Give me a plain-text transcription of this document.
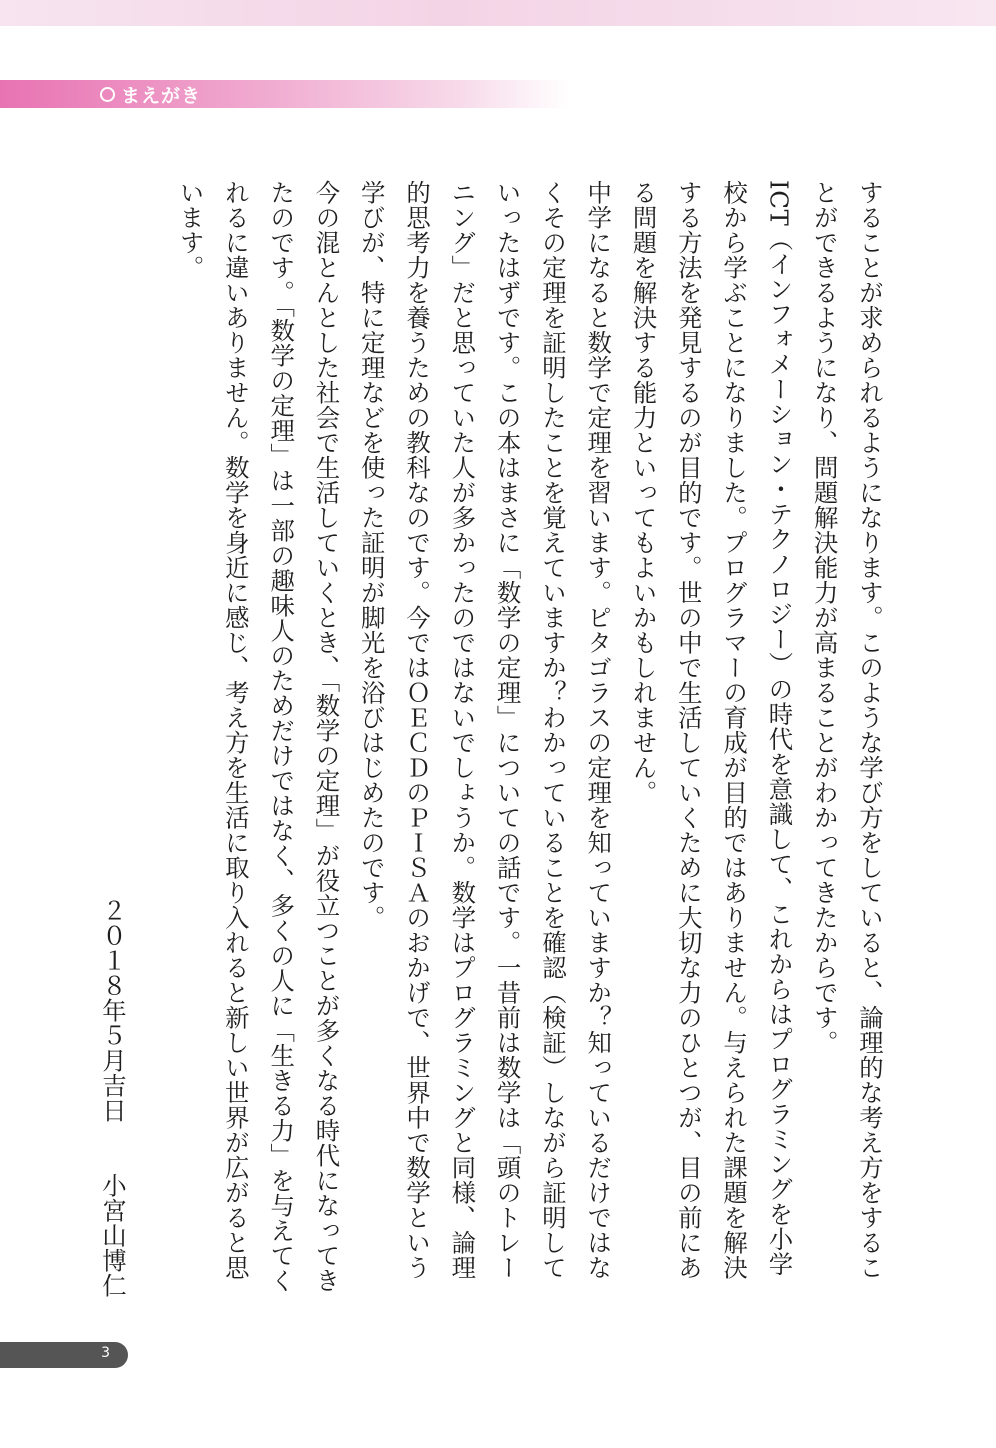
まえがき

することが求められるようになります。このような学び方をしていると、論理的な考え方をすることができるようになり、問題解決能力が高まることがわかってきたからです。

ICT（インフォメーション・テクノロジー）の時代を意識して、これからはプログラミングを小学校から学ぶことになりました。プログラマーの育成が目的ではありません。与えられた課題を解決する方法を発見するのが目的です。世の中で生活していくために大切な力のひとつが、目の前にある問題を解決する能力といってもよいかもしれません。

中学になると数学で定理を習います。ピタゴラスの定理を知っていますか？知っているだけではなくその定理を証明したことを覚えていますか？わかっていることを確認（検証）しながら証明していったはずです。この本はまさに「数学の定理」についての話です。一昔前は数学は「頭のトレーニング」だと思っていた人が多かったのではないでしょうか。数学はプログラミングと同様、論理的思考力を養うための教科なのです。今ではＯＥＣＤのＰＩＳＡのおかげで、世界中で数学という学びが、特に定理などを使った証明が脚光を浴びはじめたのです。

今の混とんとした社会で生活していくとき、「数学の定理」が役立つことが多くなる時代になってきたのです。「数学の定理」は一部の趣味人のためだけではなく、多くの人に「生きる力」を与えてくれるに違いありません。数学を身近に感じ、考え方を生活に取り入れると新しい世界が広がると思います。

２０１８年５月吉日
小宮山博仁
3
